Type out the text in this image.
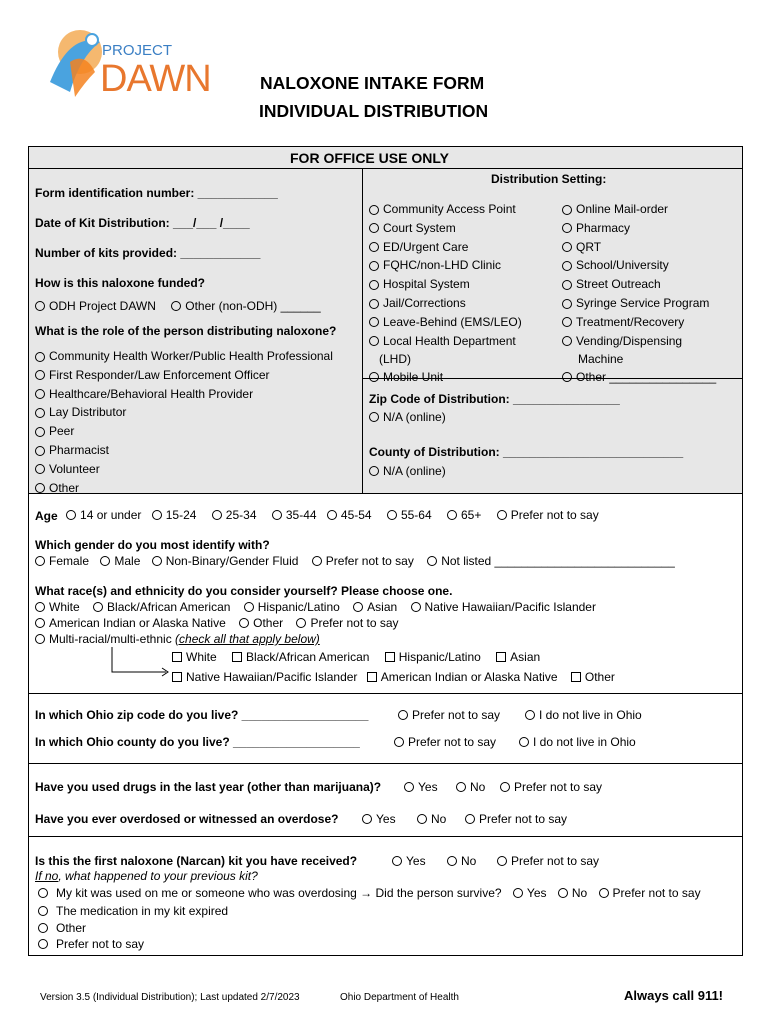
PROJECT
DAWN	NALOXONE INTAKE FORM
INDIVIDUAL DISTRIBUTION
FOR OFFICE USE ONLY
Form identification number: ____________
Date of Kit Distribution: ___/___ /____
Number of kits provided: ____________
How is this naloxone funded?
ODH Project DAWN
Other (non-ODH) ______
What is the role of the person distributing naloxone?
Community Health Worker/Public Health Professional

First Responder/Law Enforcement Officer

Healthcare/Behavioral Health Provider

Lay Distributor

Peer

Pharmacist

Volunteer

Other
Distribution Setting:
Community Access Point

Court System

ED/Urgent Care

FQHC/non-LHD Clinic

Hospital System

Jail/Corrections

Leave-Behind (EMS/LEO)

Local Health Department

(LHD)
Mobile Unit
Online Mail-order

Pharmacy

QRT

School/University

Street Outreach

Syringe Service Program

Treatment/Recovery

Vending/Dispensing

Machine
Other ________________
Zip Code of Distribution: ________________
N/A (online)
County of Distribution: ___________________________
N/A (online)
Age 14 or under
15-24
25-34
35-44
45-54
55-64
65+
Prefer not to say
Which gender do you most identify with?
Female
Male
Non-Binary/Gender Fluid
Prefer not to say
Not listed ___________________________
What race(s) and ethnicity do you consider yourself? Please choose one.
White
Black/African American
Hispanic/Latino
Asian
Native Hawaiian/Pacific Islander
American Indian or Alaska Native
Other
Prefer not to say
Multi-racial/multi-ethnic
(check all that apply below)
White
Black/African American
Hispanic/Latino
Asian
Native Hawaiian/Pacific Islander
American Indian or Alaska Native
Other
In which Ohio zip code do you live? ___________________	Prefer not to say	I do not live in Ohio
In which Ohio county do you live? ___________________	Prefer not to say	I do not live in Ohio
Have you used drugs in the last year (other than marijuana)?	Yes	No Prefer not to say
Have you ever overdosed or witnessed an overdose?	Yes	No	Prefer not to say
Is this the first naloxone (Narcan) kit you have received?	Yes	No	Prefer not to say
If no, what happened to your previous kit?
My kit was used on me or someone who was overdosing
→
Did the person survive?
Yes
No
Prefer not to say
The medication in my kit expired
Other
Prefer not to say
Version 3.5 (Individual Distribution); Last updated 2/7/2023	Ohio Department of Health	Always call 911!
